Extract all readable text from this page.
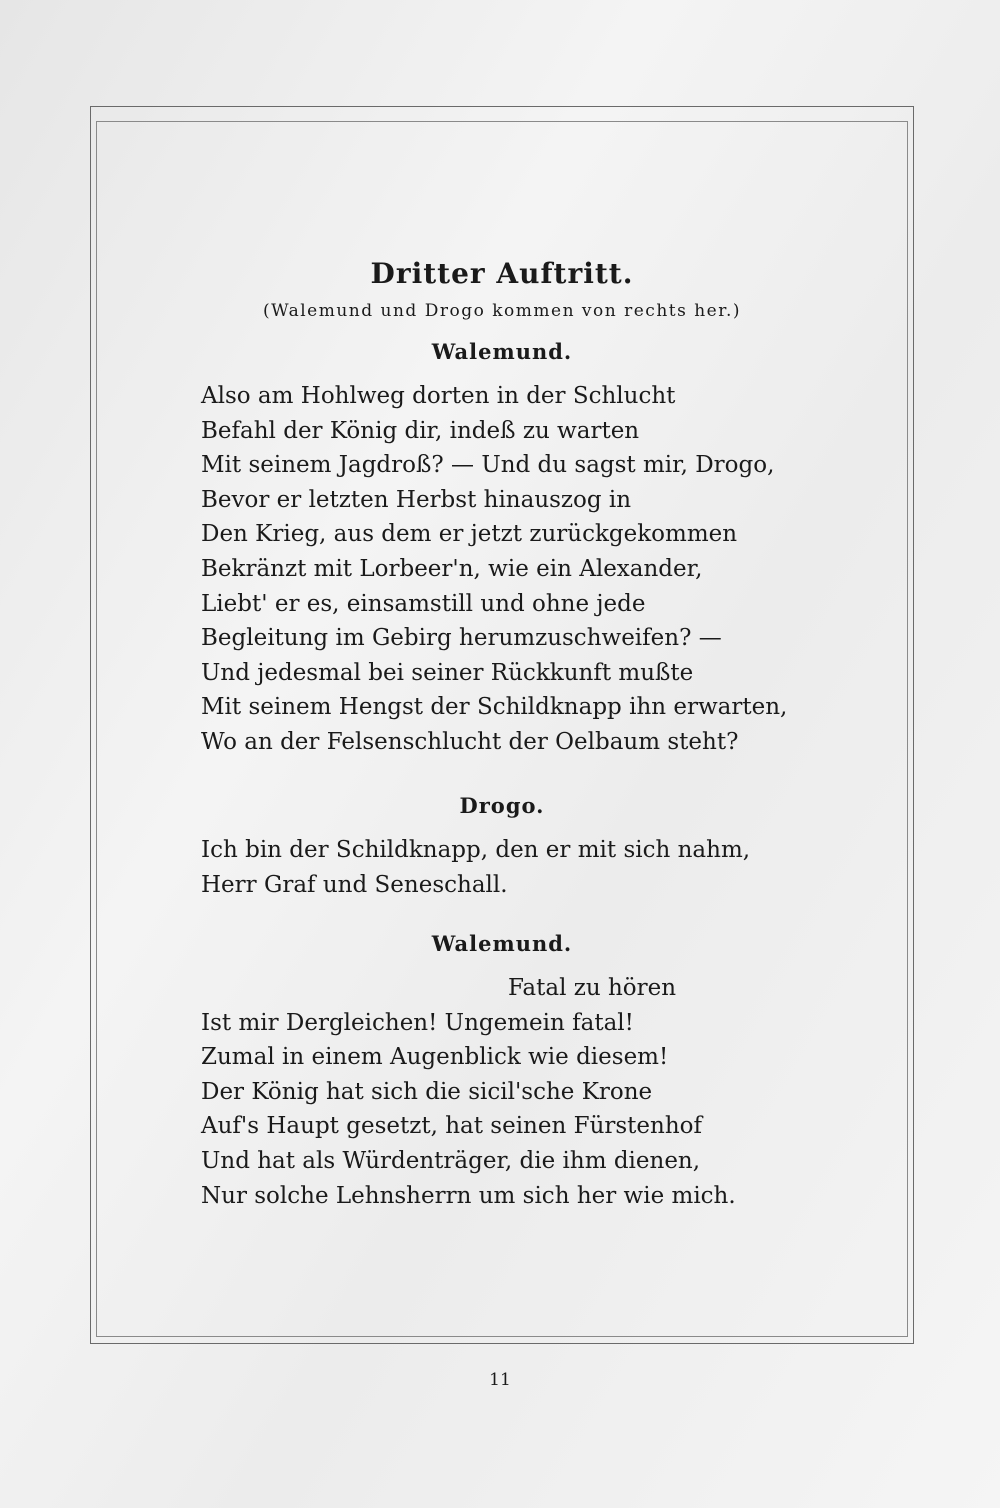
Dritter Auftritt.
(Walemund und Drogo kommen von rechts her.)
Walemund.
Also am Hohlweg dorten in der Schlucht
Befahl der König dir, indeß zu warten
Mit seinem Jagdroß? — Und du sagst mir, Drogo,
Bevor er letzten Herbst hinauszog in
Den Krieg, aus dem er jetzt zurückgekommen
Bekränzt mit Lorbeer'n, wie ein Alexander,
Liebt' er es, einsamstill und ohne jede
Begleitung im Gebirg herumzuschweifen? —
Und jedesmal bei seiner Rückkunft mußte
Mit seinem Hengst der Schildknapp ihn erwarten,
Wo an der Felsenschlucht der Oelbaum steht?
Drogo.
Ich bin der Schildknapp, den er mit sich nahm,
Herr Graf und Seneschall.
Walemund.
Fatal zu hören
Ist mir Dergleichen! Ungemein fatal!
Zumal in einem Augenblick wie diesem!
Der König hat sich die sicil'sche Krone
Auf's Haupt gesetzt, hat seinen Fürstenhof
Und hat als Würdenträger, die ihm dienen,
Nur solche Lehnsherrn um sich her wie mich.
11
